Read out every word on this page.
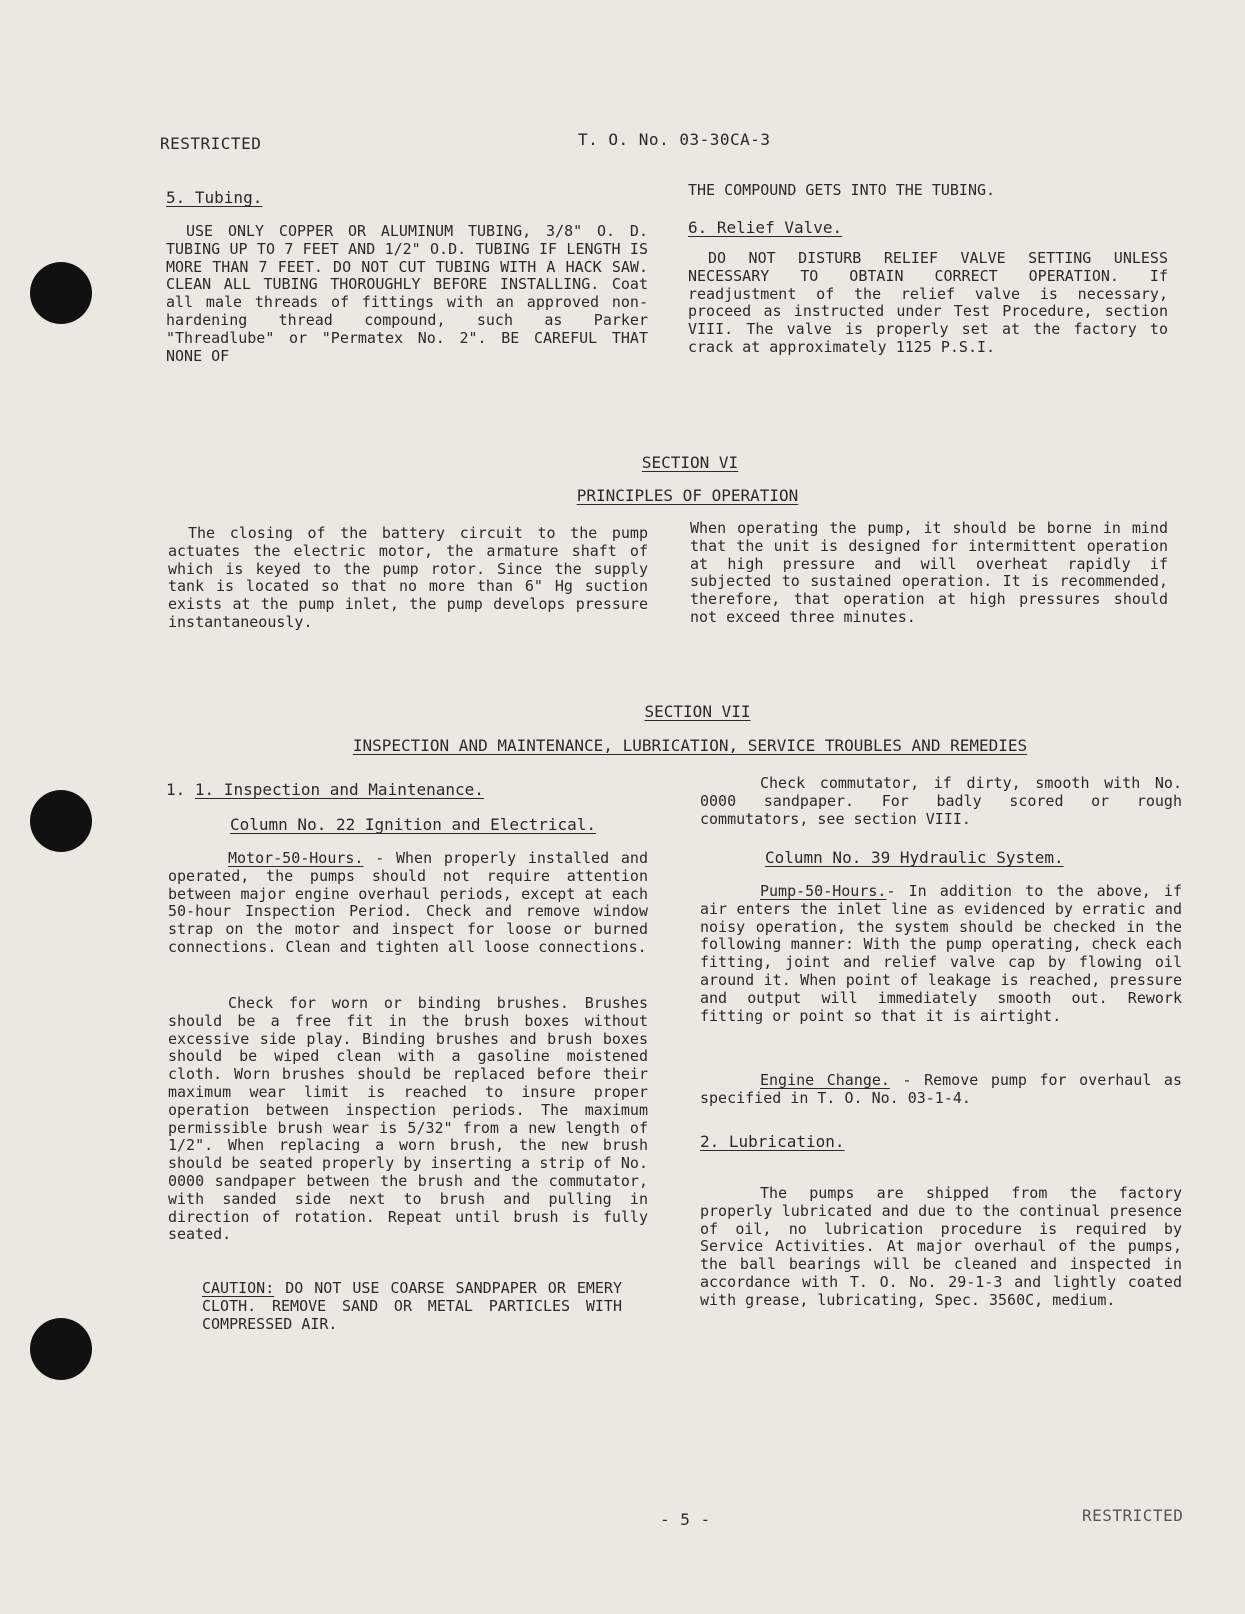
RESTRICTED	T. O. No. 03-30CA-3
5. Tubing.
USE ONLY COPPER OR ALUMINUM TUBING, 3/8" O. D. TUBING UP TO 7 FEET AND 1/2" O.D. TUBING IF LENGTH IS MORE THAN 7 FEET. DO NOT CUT TUBING WITH A HACK SAW. CLEAN ALL TUBING THOROUGHLY BEFORE INSTALLING. Coat all male threads of fittings with an approved non-hardening thread compound, such as Parker "Threadlube" or "Permatex No. 2". BE CAREFUL THAT NONE OF
THE COMPOUND GETS INTO THE TUBING.
6. Relief Valve.
DO NOT DISTURB RELIEF VALVE SETTING UNLESS NECESSARY TO OBTAIN CORRECT OPERATION. If readjustment of the relief valve is necessary, proceed as instructed under Test Procedure, section VIII. The valve is properly set at the factory to crack at approximately 1125 P.S.I.
SECTION VI
PRINCIPLES OF OPERATION
The closing of the battery circuit to the pump actuates the electric motor, the armature shaft of which is keyed to the pump rotor. Since the supply tank is located so that no more than 6" Hg suction exists at the pump inlet, the pump develops pressure instantaneously.
When operating the pump, it should be borne in mind that the unit is designed for intermittent operation at high pressure and will overheat rapidly if subjected to sustained operation. It is recommended, therefore, that operation at high pressures should not exceed three minutes.
SECTION VII
INSPECTION AND MAINTENANCE, LUBRICATION, SERVICE TROUBLES AND REMEDIES
1. 1. Inspection and Maintenance.
Column No. 22 Ignition and Electrical.
Motor-50-Hours. - When properly installed and operated, the pumps should not require attention between major engine overhaul periods, except at each 50-hour Inspection Period. Check and remove window strap on the motor and inspect for loose or burned connections. Clean and tighten all loose connections.
Check for worn or binding brushes. Brushes should be a free fit in the brush boxes without excessive side play. Binding brushes and brush boxes should be wiped clean with a gasoline moistened cloth. Worn brushes should be replaced before their maximum wear limit is reached to insure proper operation between inspection periods. The maximum permissible brush wear is 5/32" from a new length of 1/2". When replacing a worn brush, the new brush should be seated properly by inserting a strip of No. 0000 sandpaper between the brush and the commutator, with sanded side next to brush and pulling in direction of rotation. Repeat until brush is fully seated.
CAUTION: DO NOT USE COARSE SANDPAPER OR EMERY CLOTH. REMOVE SAND OR METAL PARTICLES WITH COMPRESSED AIR.
Check commutator, if dirty, smooth with No. 0000 sandpaper. For badly scored or rough commutators, see section VIII.
Column No. 39 Hydraulic System.
Pump-50-Hours.- In addition to the above, if air enters the inlet line as evidenced by erratic and noisy operation, the system should be checked in the following manner: With the pump operating, check each fitting, joint and relief valve cap by flowing oil around it. When point of leakage is reached, pressure and output will immediately smooth out. Rework fitting or point so that it is airtight.
Engine Change. - Remove pump for overhaul as specified in T. O. No. 03-1-4.
2. Lubrication.
The pumps are shipped from the factory properly lubricated and due to the continual presence of oil, no lubrication procedure is required by Service Activities. At major overhaul of the pumps, the ball bearings will be cleaned and inspected in accordance with T. O. No. 29-1-3 and lightly coated with grease, lubricating, Spec. 3560C, medium.
- 5 -	RESTRICTED
